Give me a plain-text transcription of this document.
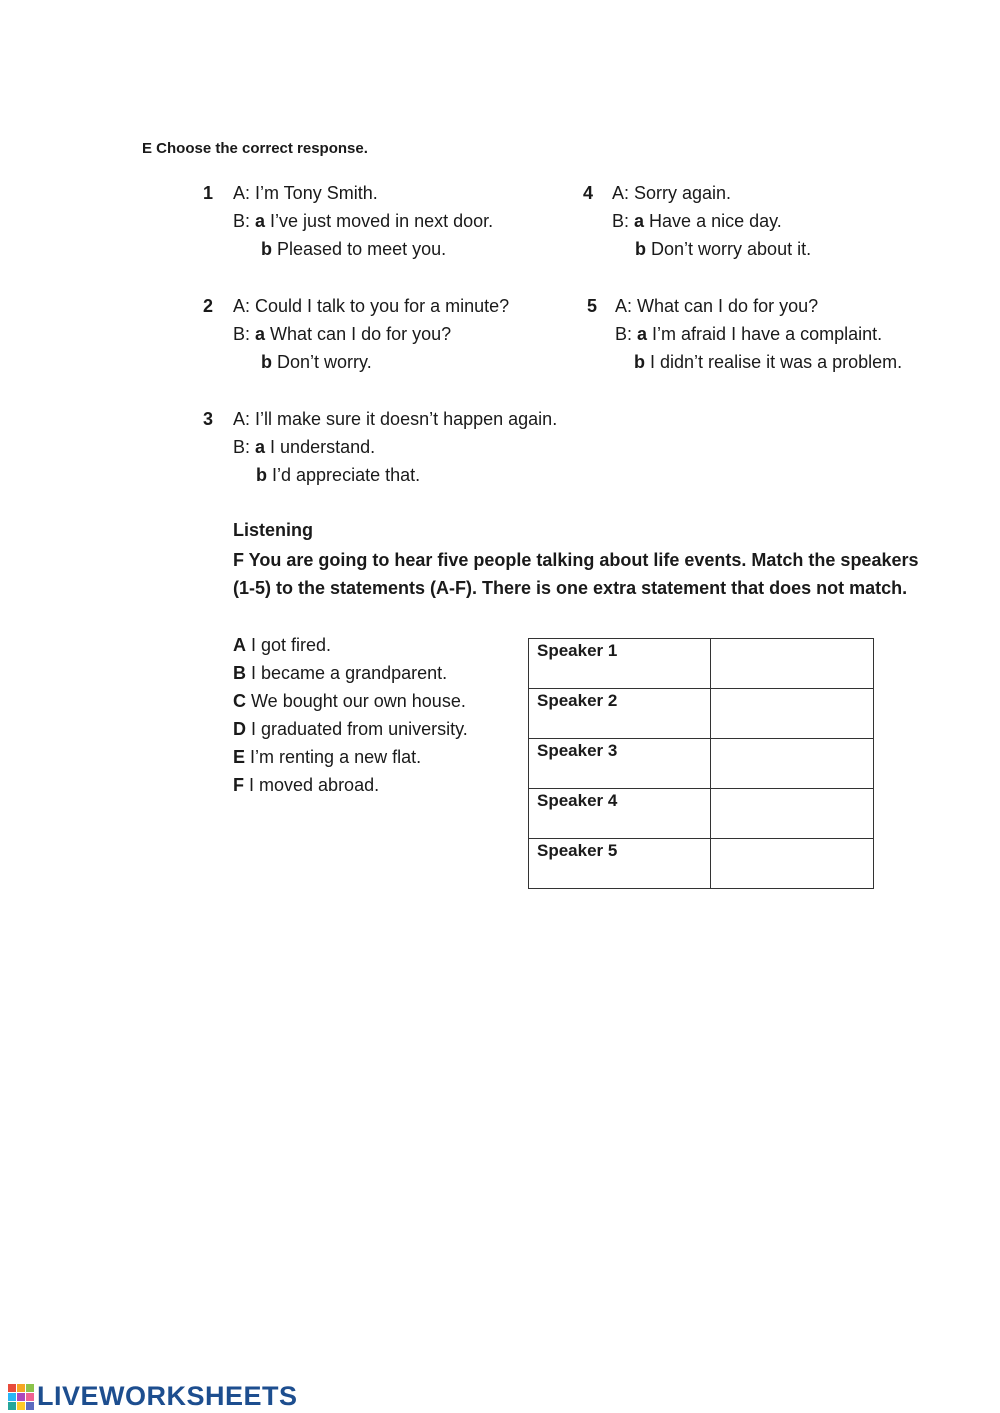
E Choose the correct response.
1 A: I’m Tony Smith.
B: a I’ve just moved in next door.
b Pleased to meet you.
2 A: Could I talk to you for a minute?
B: a What can I do for you?
b Don’t worry.
3 A: I’ll make sure it doesn’t happen again.
B: a I understand.
b I’d appreciate that.
4 A: Sorry again.
B: a Have a nice day.
b Don’t worry about it.
5 A: What can I do for you?
B: a I’m afraid I have a complaint.
b I didn’t realise it was a problem.
Listening
F You are going to hear five people talking about life events. Match the speakers (1-5) to the statements (A-F). There is one extra statement that does not match.
A I got fired.
B I became a grandparent.
C We bought our own house.
D I graduated from university.
E I’m renting a new flat.
F I moved abroad.
Speaker 1	
Speaker 2	
Speaker 3	
Speaker 4	
Speaker 5	
LIVEWORKSHEETS
